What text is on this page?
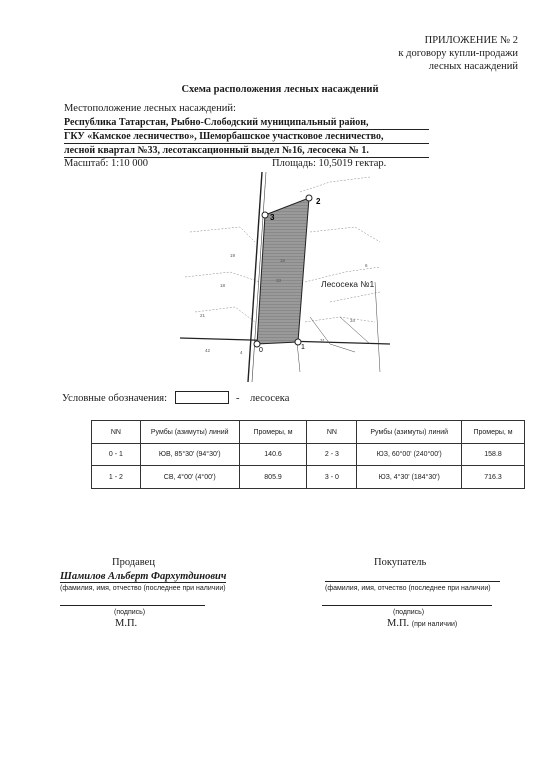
ПРИЛОЖЕНИЕ № 2
к договору купли-продажи
лесных насаждений
Схема расположения лесных насаждений
Местоположение лесных насаждений:
Республика Татарстан, Рыбно-Слободский муниципальный район,
ГКУ «Камское лесничество», Шеморбашское участковое лесничество,
лесной квартал №33, лесотаксационный выдел №16, лесосека № 1.
Масштаб: 1:10 000	Площадь: 10,5019 гектар.
0	1
2
3
Лесосека №1
33
16
18
19
21
31
34
42
6
4
Условные обозначения:	- лесосека
NN	Румбы (азимуты) линий	Промеры, м	NN	Румбы (азимуты) линий	Промеры, м
0 - 1	ЮВ, 85°30' (94°30')	140.6	2 - 3	ЮЗ, 60°00' (240°00')	158.8
1 - 2	СВ, 4°00' (4°00')	805.9	3 - 0	ЮЗ, 4°30' (184°30')	716.3
Продавец
Шамилов Альберт Фархутдинович
(фамилия, имя, отчество (последнее при наличии)
(подпись)
М.П.
Покупатель
(фамилия, имя, отчество (последнее при наличии)
(подпись)
М.П. (при наличии)
